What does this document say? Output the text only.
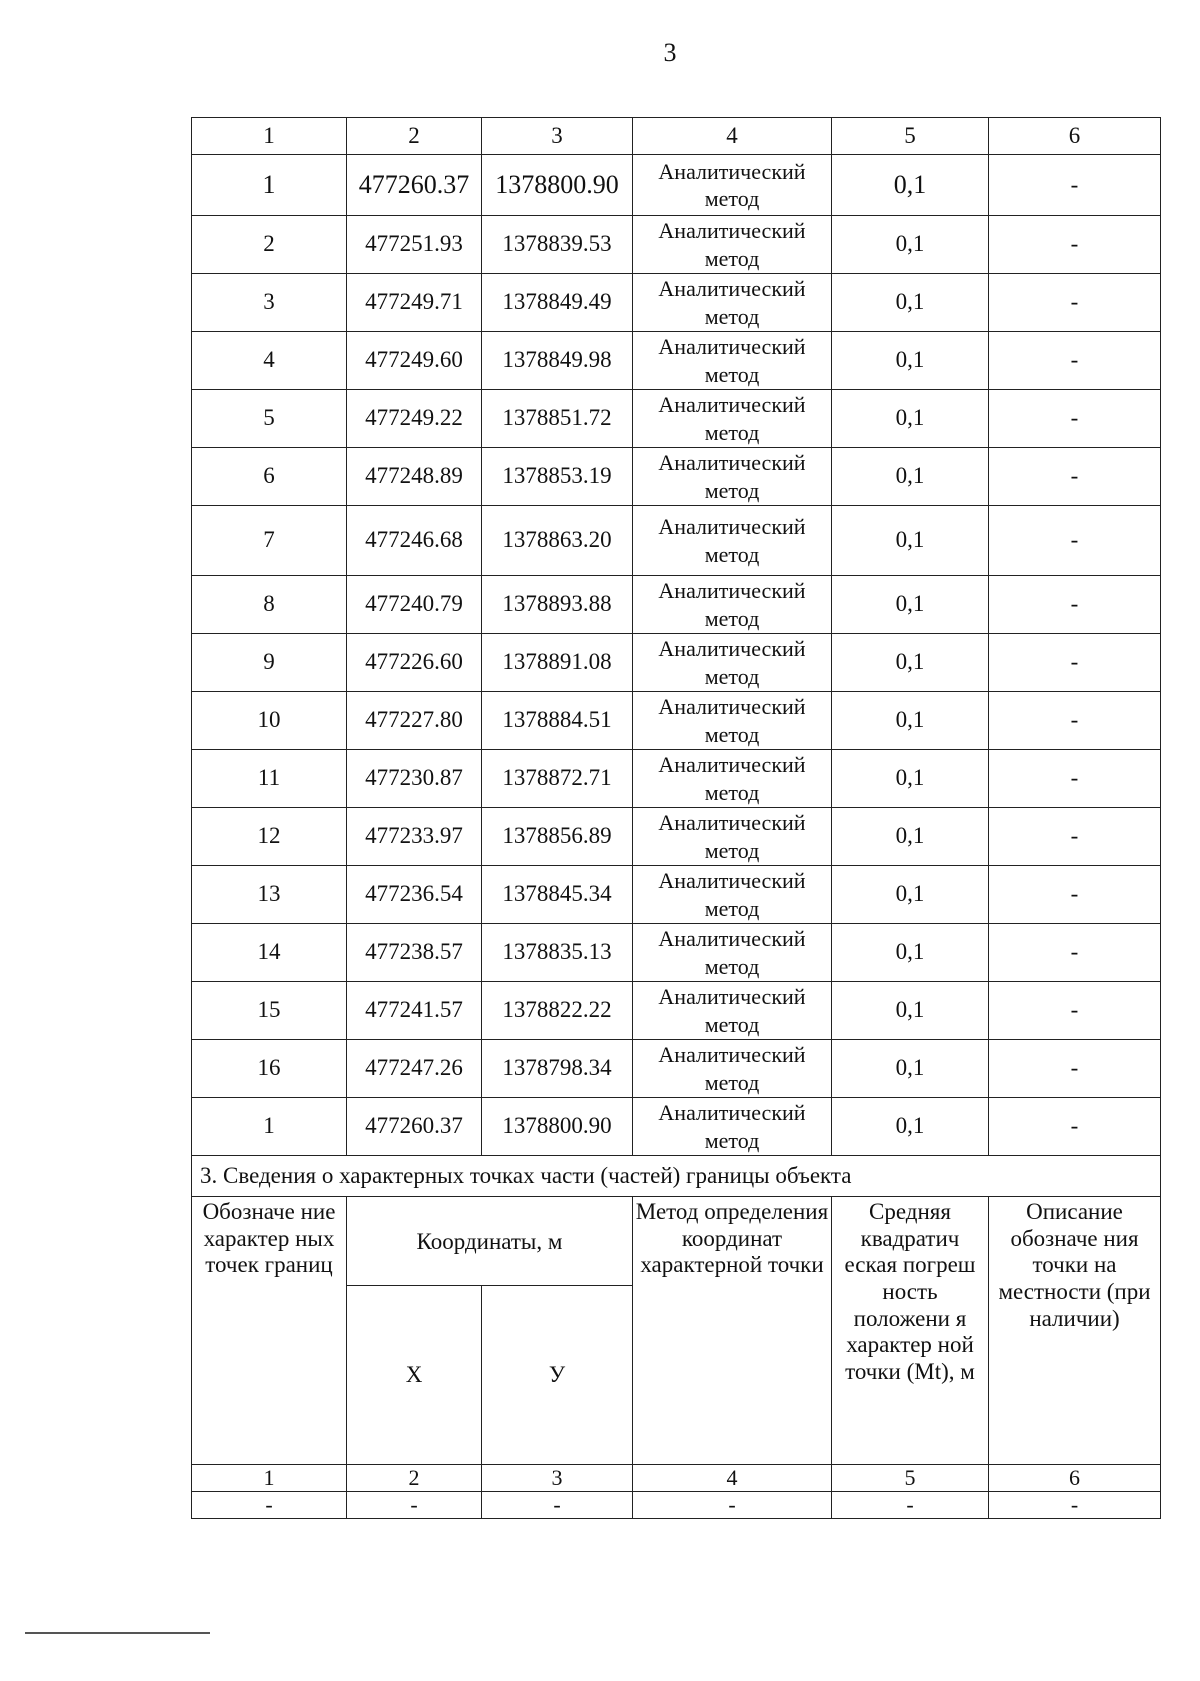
3
1	2	3	4	5	6
1	477260.37	1378800.90	Аналитический метод	0,1	-
2	477251.93	1378839.53	Аналитический метод	0,1	-
3	477249.71	1378849.49	Аналитический метод	0,1	-
4	477249.60	1378849.98	Аналитический метод	0,1	-
5	477249.22	1378851.72	Аналитический метод	0,1	-
6	477248.89	1378853.19	Аналитический метод	0,1	-
7	477246.68	1378863.20	Аналитический метод	0,1	-
8	477240.79	1378893.88	Аналитический метод	0,1	-
9	477226.60	1378891.08	Аналитический метод	0,1	-
10	477227.80	1378884.51	Аналитический метод	0,1	-
11	477230.87	1378872.71	Аналитический метод	0,1	-
12	477233.97	1378856.89	Аналитический метод	0,1	-
13	477236.54	1378845.34	Аналитический метод	0,1	-
14	477238.57	1378835.13	Аналитический метод	0,1	-
15	477241.57	1378822.22	Аналитический метод	0,1	-
16	477247.26	1378798.34	Аналитический метод	0,1	-
1	477260.37	1378800.90	Аналитический метод	0,1	-
3. Сведения о характерных точках части (частей) границы объекта					
Обозначе ние характер ных точек границ	Координаты, м		Метод определения координат характерной точки	Средняя квадратич еская погреш ность положени я характер ной точки (Mt), м	Описание обозначе ния точки на местности (при наличии)
	Х	У			
1	2	3	4	5	6
-	-	-	-	-	-
